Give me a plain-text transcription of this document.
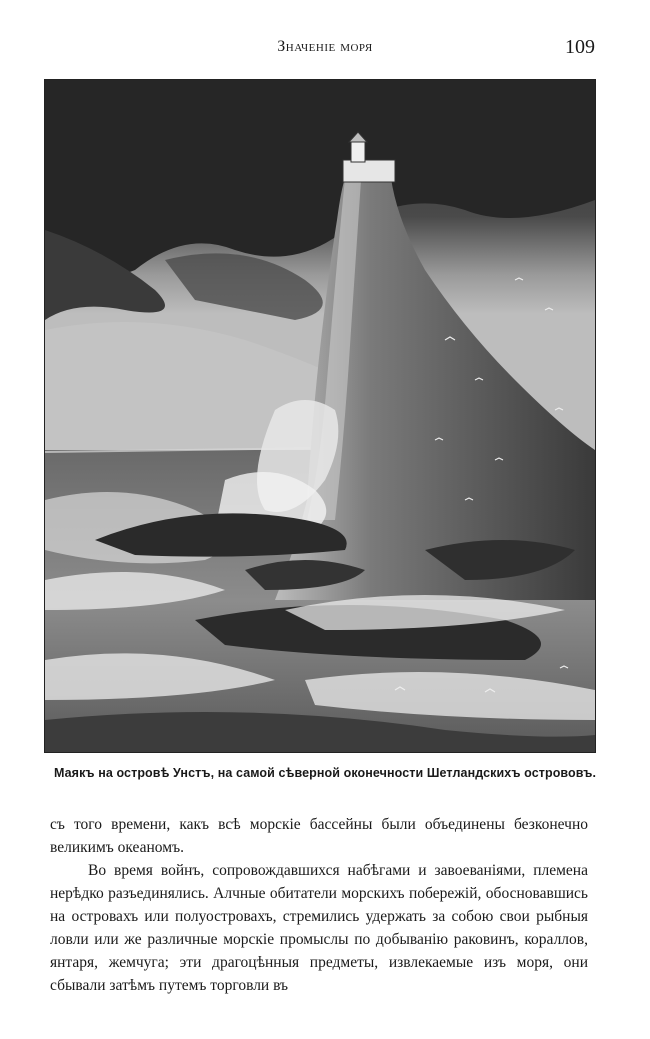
Значеніе моря	109
Маякъ на островѣ Унстъ, на самой сѣверной оконечности Шетландскихъ острововъ.

съ того времени, какъ всѣ морскіе бассейны были объединены безконечно великимъ океаномъ.

Во время войнъ, сопровождавшихся набѣгами и завоеваніями, племена нерѣдко разъединялись. Алчные обитатели морскихъ побережій, обосновавшись на островахъ или полуостровахъ, стремились удержать за собою свои рыбныя ловли или же различные морскіе промыслы по добыванію раковинъ, кораллов, янтаря, жемчуга; эти драгоцѣнныя предметы, извлекаемые изъ моря, они сбывали затѣмъ путемъ торговли въ
